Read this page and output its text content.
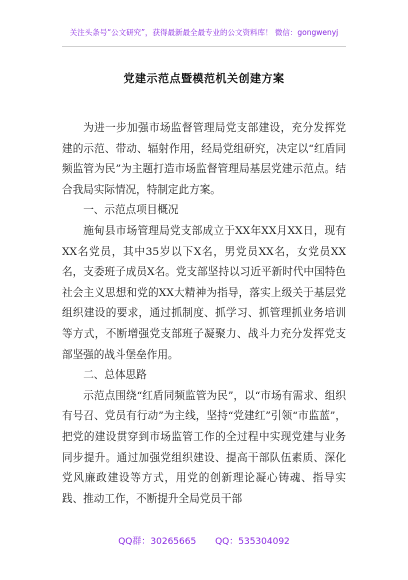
关注头条号“公文研究”，获得最新最全最专业的公文资料库！ 微信：gongwenyj
党建示范点暨模范机关创建方案

为进一步加强市场监督管理局党支部建设，充分发挥党建的示范、带动、辐射作用，经局党组研究，决定以“红盾同频监管为民”为主题打造市场监督管理局基层党建示范点。结合我局实际情况，特制定此方案。

一、示范点项目概况

施甸县市场管理局党支部成立于XX年XX月XX日，现有XX名党员，其中35岁以下X名，男党员XX名，女党员XX名，支委班子成员X名。党支部坚持以习近平新时代中国特色社会主义思想和党的XX大精神为指导，落实上级关于基层党组织建设的要求，通过抓制度、抓学习、抓管理抓业务培训等方式，不断增强党支部班子凝聚力、战斗力充分发挥党支部坚强的战斗堡垒作用。

二、总体思路

示范点围绕“红盾同频监管为民”，以“市场有需求、组织有号召、党员有行动”为主线，坚持“党建红”引领“市监蓝”，把党的建设贯穿到市场监管工作的全过程中实现党建与业务同步提升。通过加强党组织建设、提高干部队伍素质、深化党风廉政建设等方式，用党的创新理论凝心铸魂、指导实践、推动工作，不断提升全局党员干部

QQ群：30265665 QQ：535304092
